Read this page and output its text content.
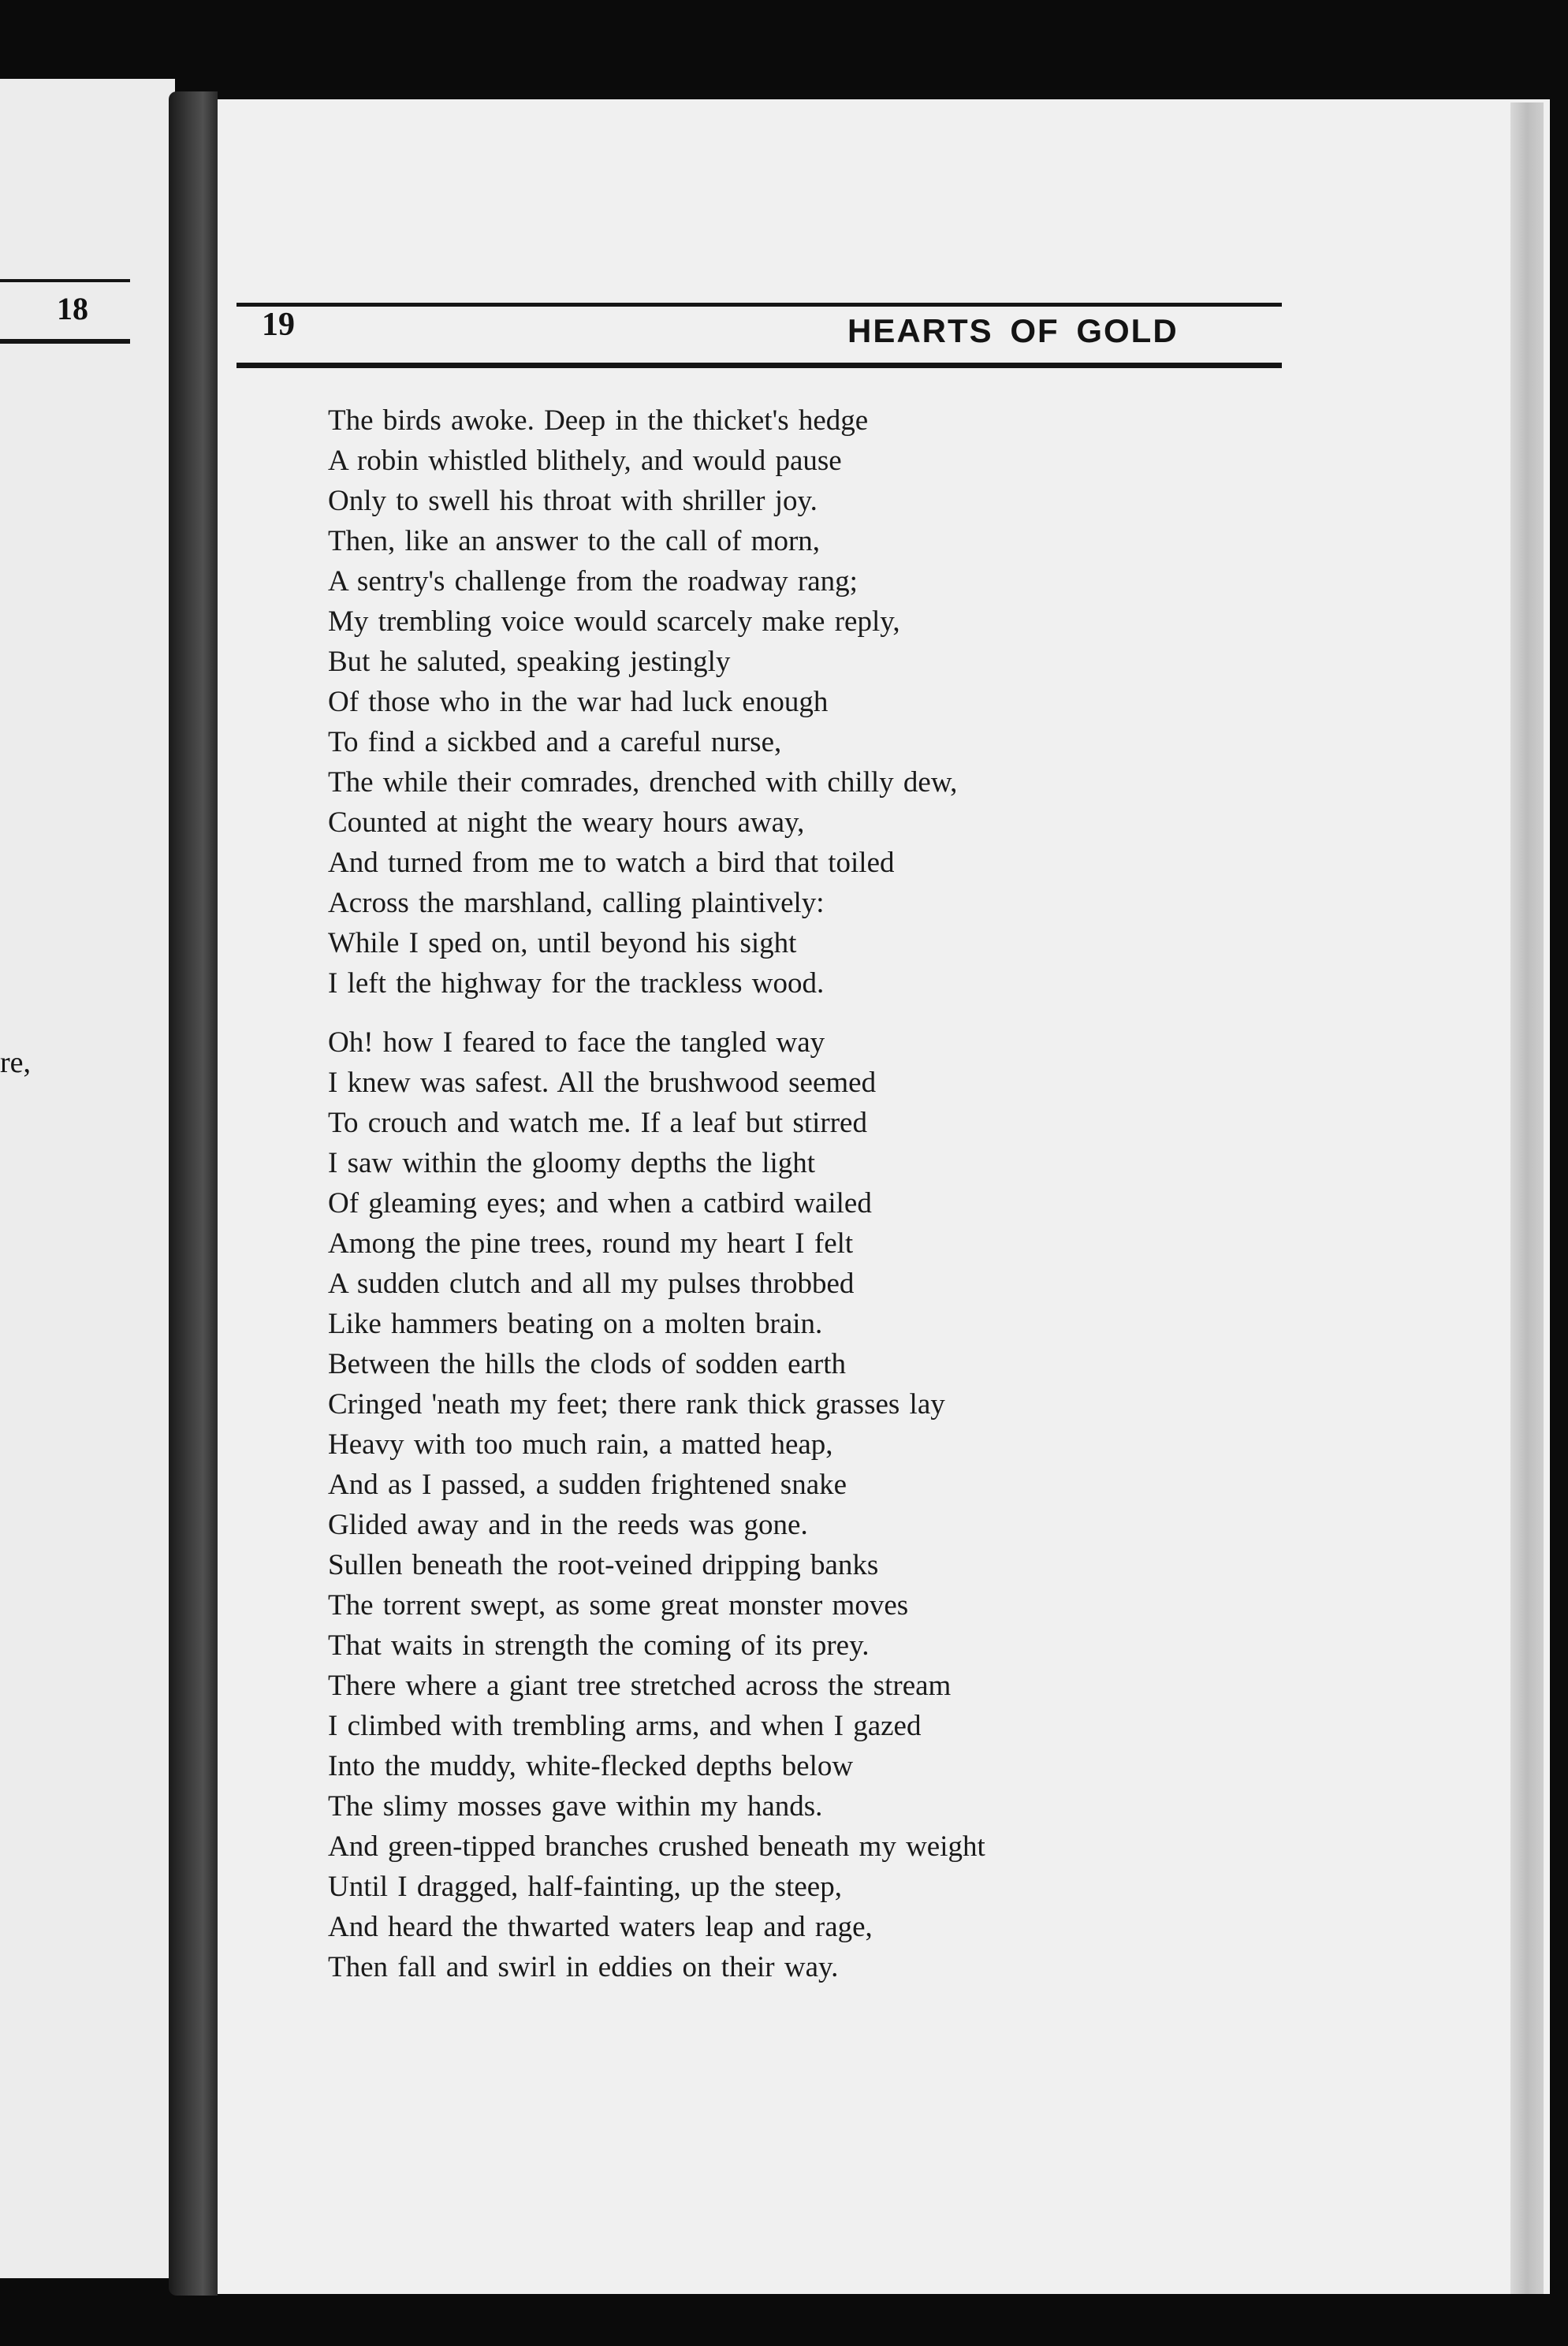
18
re,
19	HEARTS OF GOLD
The birds awoke. Deep in the thicket's hedge
A robin whistled blithely, and would pause
Only to swell his throat with shriller joy.
Then, like an answer to the call of morn,
A sentry's challenge from the roadway rang;
My trembling voice would scarcely make reply,
But he saluted, speaking jestingly
Of those who in the war had luck enough
To find a sickbed and a careful nurse,
The while their comrades, drenched with chilly dew,
Counted at night the weary hours away,
And turned from me to watch a bird that toiled
Across the marshland, calling plaintively:
While I sped on, until beyond his sight
I left the highway for the trackless wood.
Oh! how I feared to face the tangled way
I knew was safest. All the brushwood seemed
To crouch and watch me. If a leaf but stirred
I saw within the gloomy depths the light
Of gleaming eyes; and when a catbird wailed
Among the pine trees, round my heart I felt
A sudden clutch and all my pulses throbbed
Like hammers beating on a molten brain.
Between the hills the clods of sodden earth
Cringed 'neath my feet; there rank thick grasses lay
Heavy with too much rain, a matted heap,
And as I passed, a sudden frightened snake
Glided away and in the reeds was gone.
Sullen beneath the root-veined dripping banks
The torrent swept, as some great monster moves
That waits in strength the coming of its prey.
There where a giant tree stretched across the stream
I climbed with trembling arms, and when I gazed
Into the muddy, white-flecked depths below
The slimy mosses gave within my hands.
And green-tipped branches crushed beneath my weight
Until I dragged, half-fainting, up the steep,
And heard the thwarted waters leap and rage,
Then fall and swirl in eddies on their way.
